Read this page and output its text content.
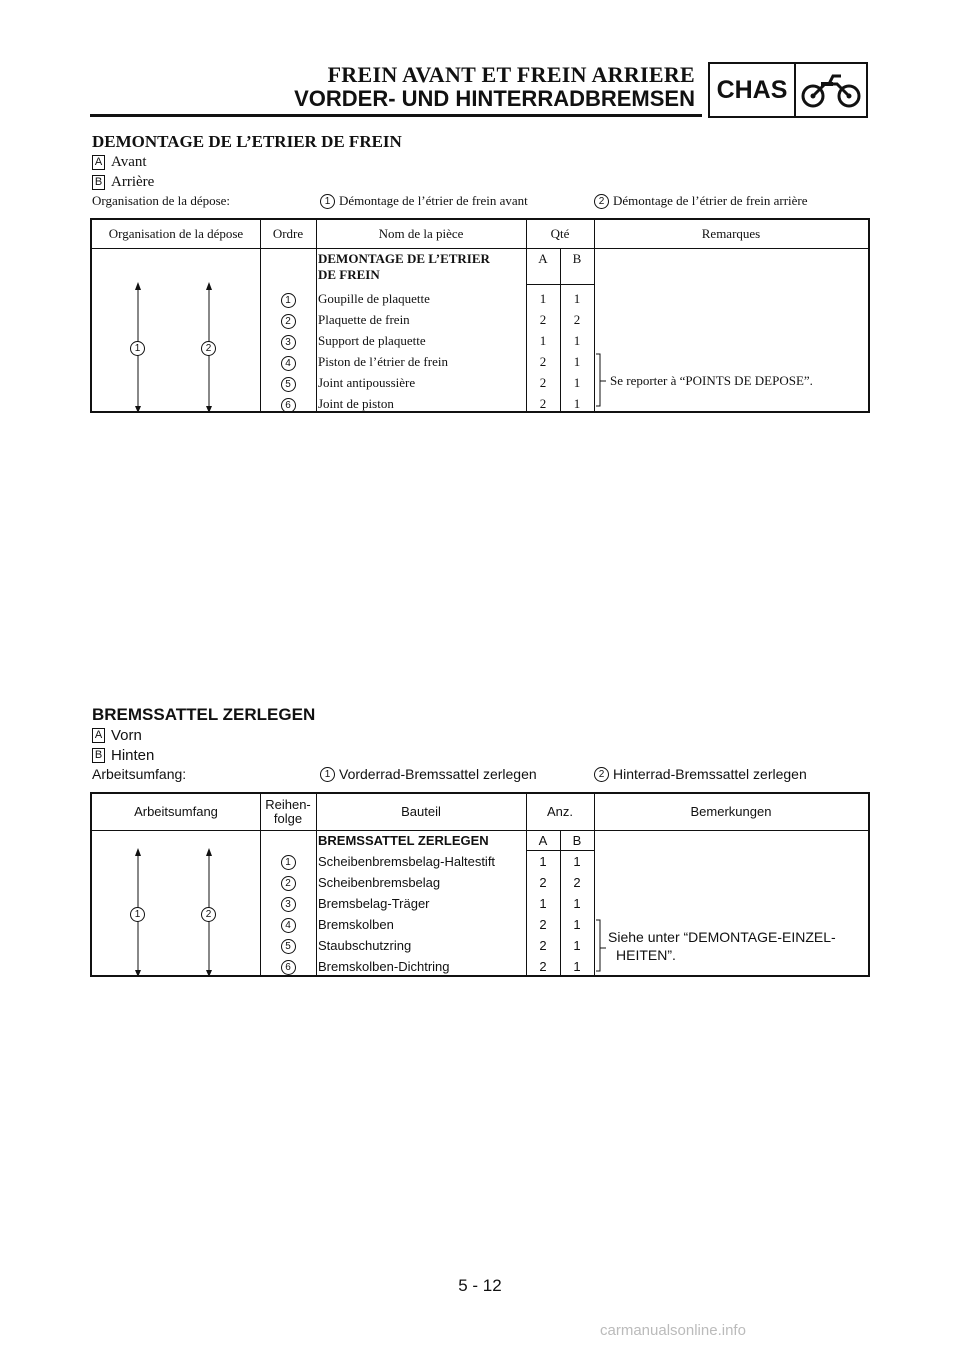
FREIN AVANT ET FREIN ARRIERE
VORDER- UND HINTERRADBREMSEN CHAS
DEMONTAGE DE L’ETRIER DE FREIN
A Avant
B Arrière
Organisation de la dépose:	1 Démontage de l’étrier de frein avant	2 Démontage de l’étrier de frein arrière
Organisation de la dépose	Ordre	Nom de la pièce	Qté	Remarques
DEMONTAGE DE L’ETRIER
DE FREIN
A	B
1	2
1	Goupille de plaquette	1	1
2	Plaquette de frein	2	2
3	Support de plaquette	1	1
4	Piston de l’étrier de frein	2	1
5	Joint antipoussière	2	1
6	Joint de piston	2	1
Se reporter à “POINTS DE DEPOSE”.
BREMSSATTEL ZERLEGEN
A Vorn
B Hinten
Arbeitsumfang:	1 Vorderrad-Bremssattel zerlegen	2 Hinterrad-Bremssattel zerlegen
Arbeitsumfang	Reihen-
folge	Bauteil	Anz.	Bemerkungen
BREMSSATTEL ZERLEGEN	A	B
1	2
1	Scheibenbremsbelag-Haltestift	1	1
2	Scheibenbremsbelag	2	2
3	Bremsbelag-Träger	1	1
4	Bremskolben	2	1
5	Staubschutzring	2	1
6	Bremskolben-Dichtring	2	1
Siehe unter “DEMONTAGE-EINZEL-
HEITEN”.
5 - 12
carmanualsonline.info
